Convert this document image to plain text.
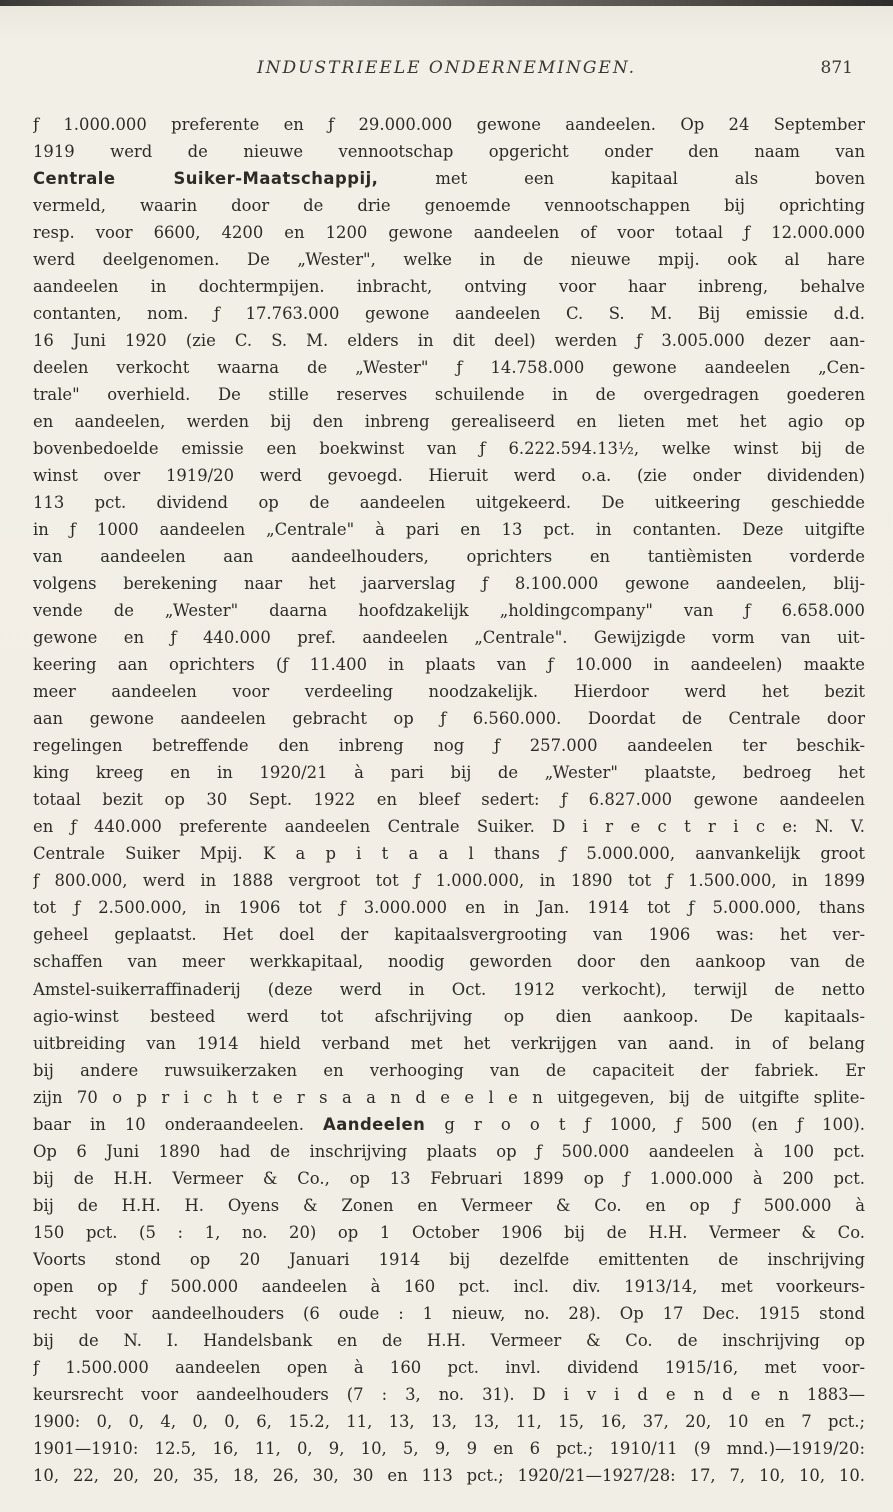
INDUSTRIEELE ONDERNEMINGEN.	871
ƒ 1.000.000 preferente en ƒ 29.000.000 gewone aandeelen. Op 24 September
1919 werd de nieuwe vennootschap opgericht onder den naam van
Centrale Suiker-Maatschappij, met een kapitaal als boven
vermeld, waarin door de drie genoemde vennootschappen bij oprichting
resp. voor 6600, 4200 en 1200 gewone aandeelen of voor totaal ƒ 12.000.000
werd deelgenomen. De „Wester", welke in de nieuwe mpij. ook al hare
aandeelen in dochtermpijen. inbracht, ontving voor haar inbreng, behalve
contanten, nom. ƒ 17.763.000 gewone aandeelen C. S. M. Bij emissie d.d.
16 Juni 1920 (zie C. S. M. elders in dit deel) werden ƒ 3.005.000 dezer aan-
deelen verkocht waarna de „Wester" ƒ 14.758.000 gewone aandeelen „Cen-
trale" overhield. De stille reserves schuilende in de overgedragen goederen
en aandeelen, werden bij den inbreng gerealiseerd en lieten met het agio op
bovenbedoelde emissie een boekwinst van ƒ 6.222.594.13½, welke winst bij de
winst over 1919/20 werd gevoegd. Hieruit werd o.a. (zie onder dividenden)
113 pct. dividend op de aandeelen uitgekeerd. De uitkeering geschiedde
in ƒ 1000 aandeelen „Centrale" à pari en 13 pct. in contanten. Deze uitgifte
van aandeelen aan aandeelhouders, oprichters en tantièmisten vorderde
volgens berekening naar het jaarverslag ƒ 8.100.000 gewone aandeelen, blij-
vende de „Wester" daarna hoofdzakelijk „holdingcompany" van ƒ 6.658.000
gewone en ƒ 440.000 pref. aandeelen „Centrale". Gewijzigde vorm van uit-
keering aan oprichters (ƒ 11.400 in plaats van ƒ 10.000 in aandeelen) maakte
meer aandeelen voor verdeeling noodzakelijk. Hierdoor werd het bezit
aan gewone aandeelen gebracht op ƒ 6.560.000. Doordat de Centrale door
regelingen betreffende den inbreng nog ƒ 257.000 aandeelen ter beschik-
king kreeg en in 1920/21 à pari bij de „Wester" plaatste, bedroeg het
totaal bezit op 30 Sept. 1922 en bleef sedert: ƒ 6.827.000 gewone aandeelen
en ƒ 440.000 preferente aandeelen Centrale Suiker. D i r e c t r i c e: N. V.
Centrale Suiker Mpij. K a p i t a a l thans ƒ 5.000.000, aanvankelijk groot
ƒ 800.000, werd in 1888 vergroot tot ƒ 1.000.000, in 1890 tot ƒ 1.500.000, in 1899
tot ƒ 2.500.000, in 1906 tot ƒ 3.000.000 en in Jan. 1914 tot ƒ 5.000.000, thans
geheel geplaatst. Het doel der kapitaalsvergrooting van 1906 was: het ver-
schaffen van meer werkkapitaal, noodig geworden door den aankoop van de
Amstel-suikerraffinaderij (deze werd in Oct. 1912 verkocht), terwijl de netto
agio-winst besteed werd tot afschrijving op dien aankoop. De kapitaals-
uitbreiding van 1914 hield verband met het verkrijgen van aand. in of belang
bij andere ruwsuikerzaken en verhooging van de capaciteit der fabriek. Er
zijn 70 o p r i c h t e r s a a n d e e l e n uitgegeven, bij de uitgifte splite-
baar in 10 onderaandeelen. Aandeelen g r o o t ƒ 1000, ƒ 500 (en ƒ 100).
Op 6 Juni 1890 had de inschrijving plaats op ƒ 500.000 aandeelen à 100 pct.
bij de H.H. Vermeer & Co., op 13 Februari 1899 op ƒ 1.000.000 à 200 pct.
bij de H.H. H. Oyens & Zonen en Vermeer & Co. en op ƒ 500.000 à
150 pct. (5 : 1, no. 20) op 1 October 1906 bij de H.H. Vermeer & Co.
Voorts stond op 20 Januari 1914 bij dezelfde emittenten de inschrijving
open op ƒ 500.000 aandeelen à 160 pct. incl. div. 1913/14, met voorkeurs-
recht voor aandeelhouders (6 oude : 1 nieuw, no. 28). Op 17 Dec. 1915 stond
bij de N. I. Handelsbank en de H.H. Vermeer & Co. de inschrijving op
ƒ 1.500.000 aandeelen open à 160 pct. invl. dividend 1915/16, met voor-
keursrecht voor aandeelhouders (7 : 3, no. 31). D i v i d e n d e n 1883—
1900: 0, 0, 4, 0, 0, 6, 15.2, 11, 13, 13, 13, 11, 15, 16, 37, 20, 10 en 7 pct.;
1901—1910: 12.5, 16, 11, 0, 9, 10, 5, 9, 9 en 6 pct.; 1910/11 (9 mnd.)—1919/20:
10, 22, 20, 20, 35, 18, 26, 30, 30 en 113 pct.; 1920/21—1927/28: 17, 7, 10, 10, 10.
